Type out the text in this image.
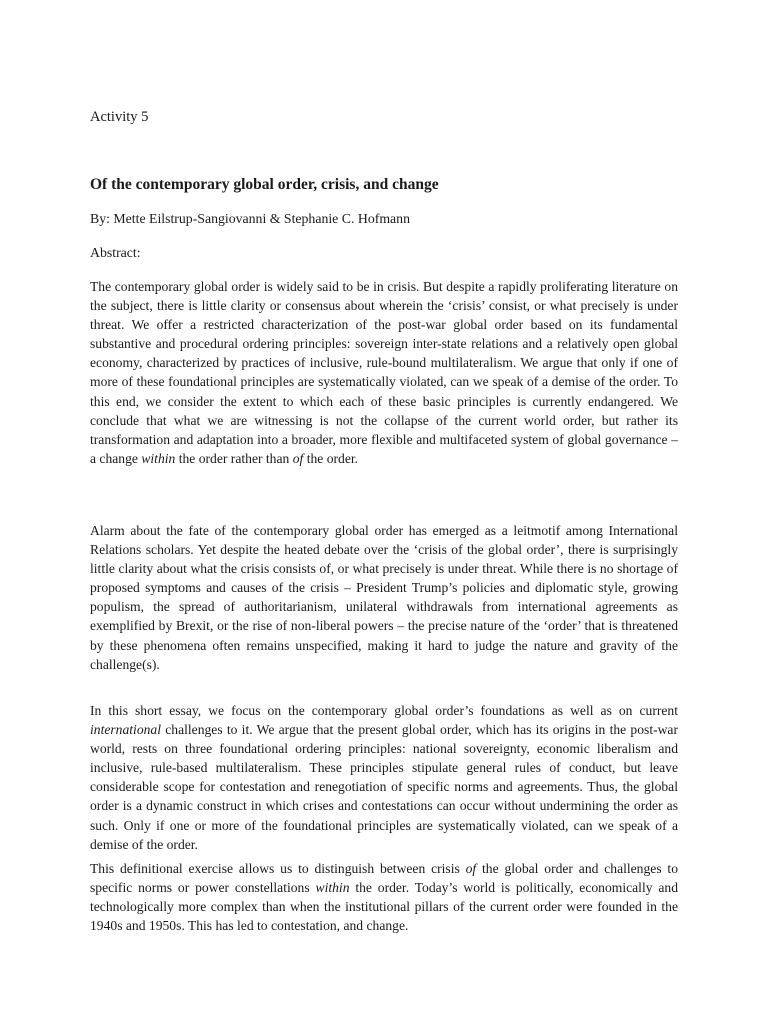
Activity 5

Of the contemporary global order, crisis, and change

By: Mette Eilstrup-Sangiovanni & Stephanie C. Hofmann

Abstract:

The contemporary global order is widely said to be in crisis. But despite a rapidly proliferating literature on the subject, there is little clarity or consensus about wherein the ‘crisis’ consist, or what precisely is under threat. We offer a restricted characterization of the post-war global order based on its fundamental substantive and procedural ordering principles: sovereign inter-state relations and a relatively open global economy, characterized by practices of inclusive, rule-bound multilateralism. We argue that only if one of more of these foundational principles are systematically violated, can we speak of a demise of the order. To this end, we consider the extent to which each of these basic principles is currently endangered. We conclude that what we are witnessing is not the collapse of the current world order, but rather its transformation and adaptation into a broader, more flexible and multifaceted system of global governance – a change within the order rather than of the order.

Alarm about the fate of the contemporary global order has emerged as a leitmotif among International Relations scholars. Yet despite the heated debate over the ‘crisis of the global order’, there is surprisingly little clarity about what the crisis consists of, or what precisely is under threat. While there is no shortage of proposed symptoms and causes of the crisis – President Trump’s policies and diplomatic style, growing populism, the spread of authoritarianism, unilateral withdrawals from international agreements as exemplified by Brexit, or the rise of non-liberal powers – the precise nature of the ‘order’ that is threatened by these phenomena often remains unspecified, making it hard to judge the nature and gravity of the challenge(s).

In this short essay, we focus on the contemporary global order’s foundations as well as on current international challenges to it. We argue that the present global order, which has its origins in the post-war world, rests on three foundational ordering principles: national sovereignty, economic liberalism and inclusive, rule-based multilateralism. These principles stipulate general rules of conduct, but leave considerable scope for contestation and renegotiation of specific norms and agreements. Thus, the global order is a dynamic construct in which crises and contestations can occur without undermining the order as such. Only if one or more of the foundational principles are systematically violated, can we speak of a demise of the order.

This definitional exercise allows us to distinguish between crisis of the global order and challenges to specific norms or power constellations within the order. Today’s world is politically, economically and technologically more complex than when the institutional pillars of the current order were founded in the 1940s and 1950s. This has led to contestation, and change.
